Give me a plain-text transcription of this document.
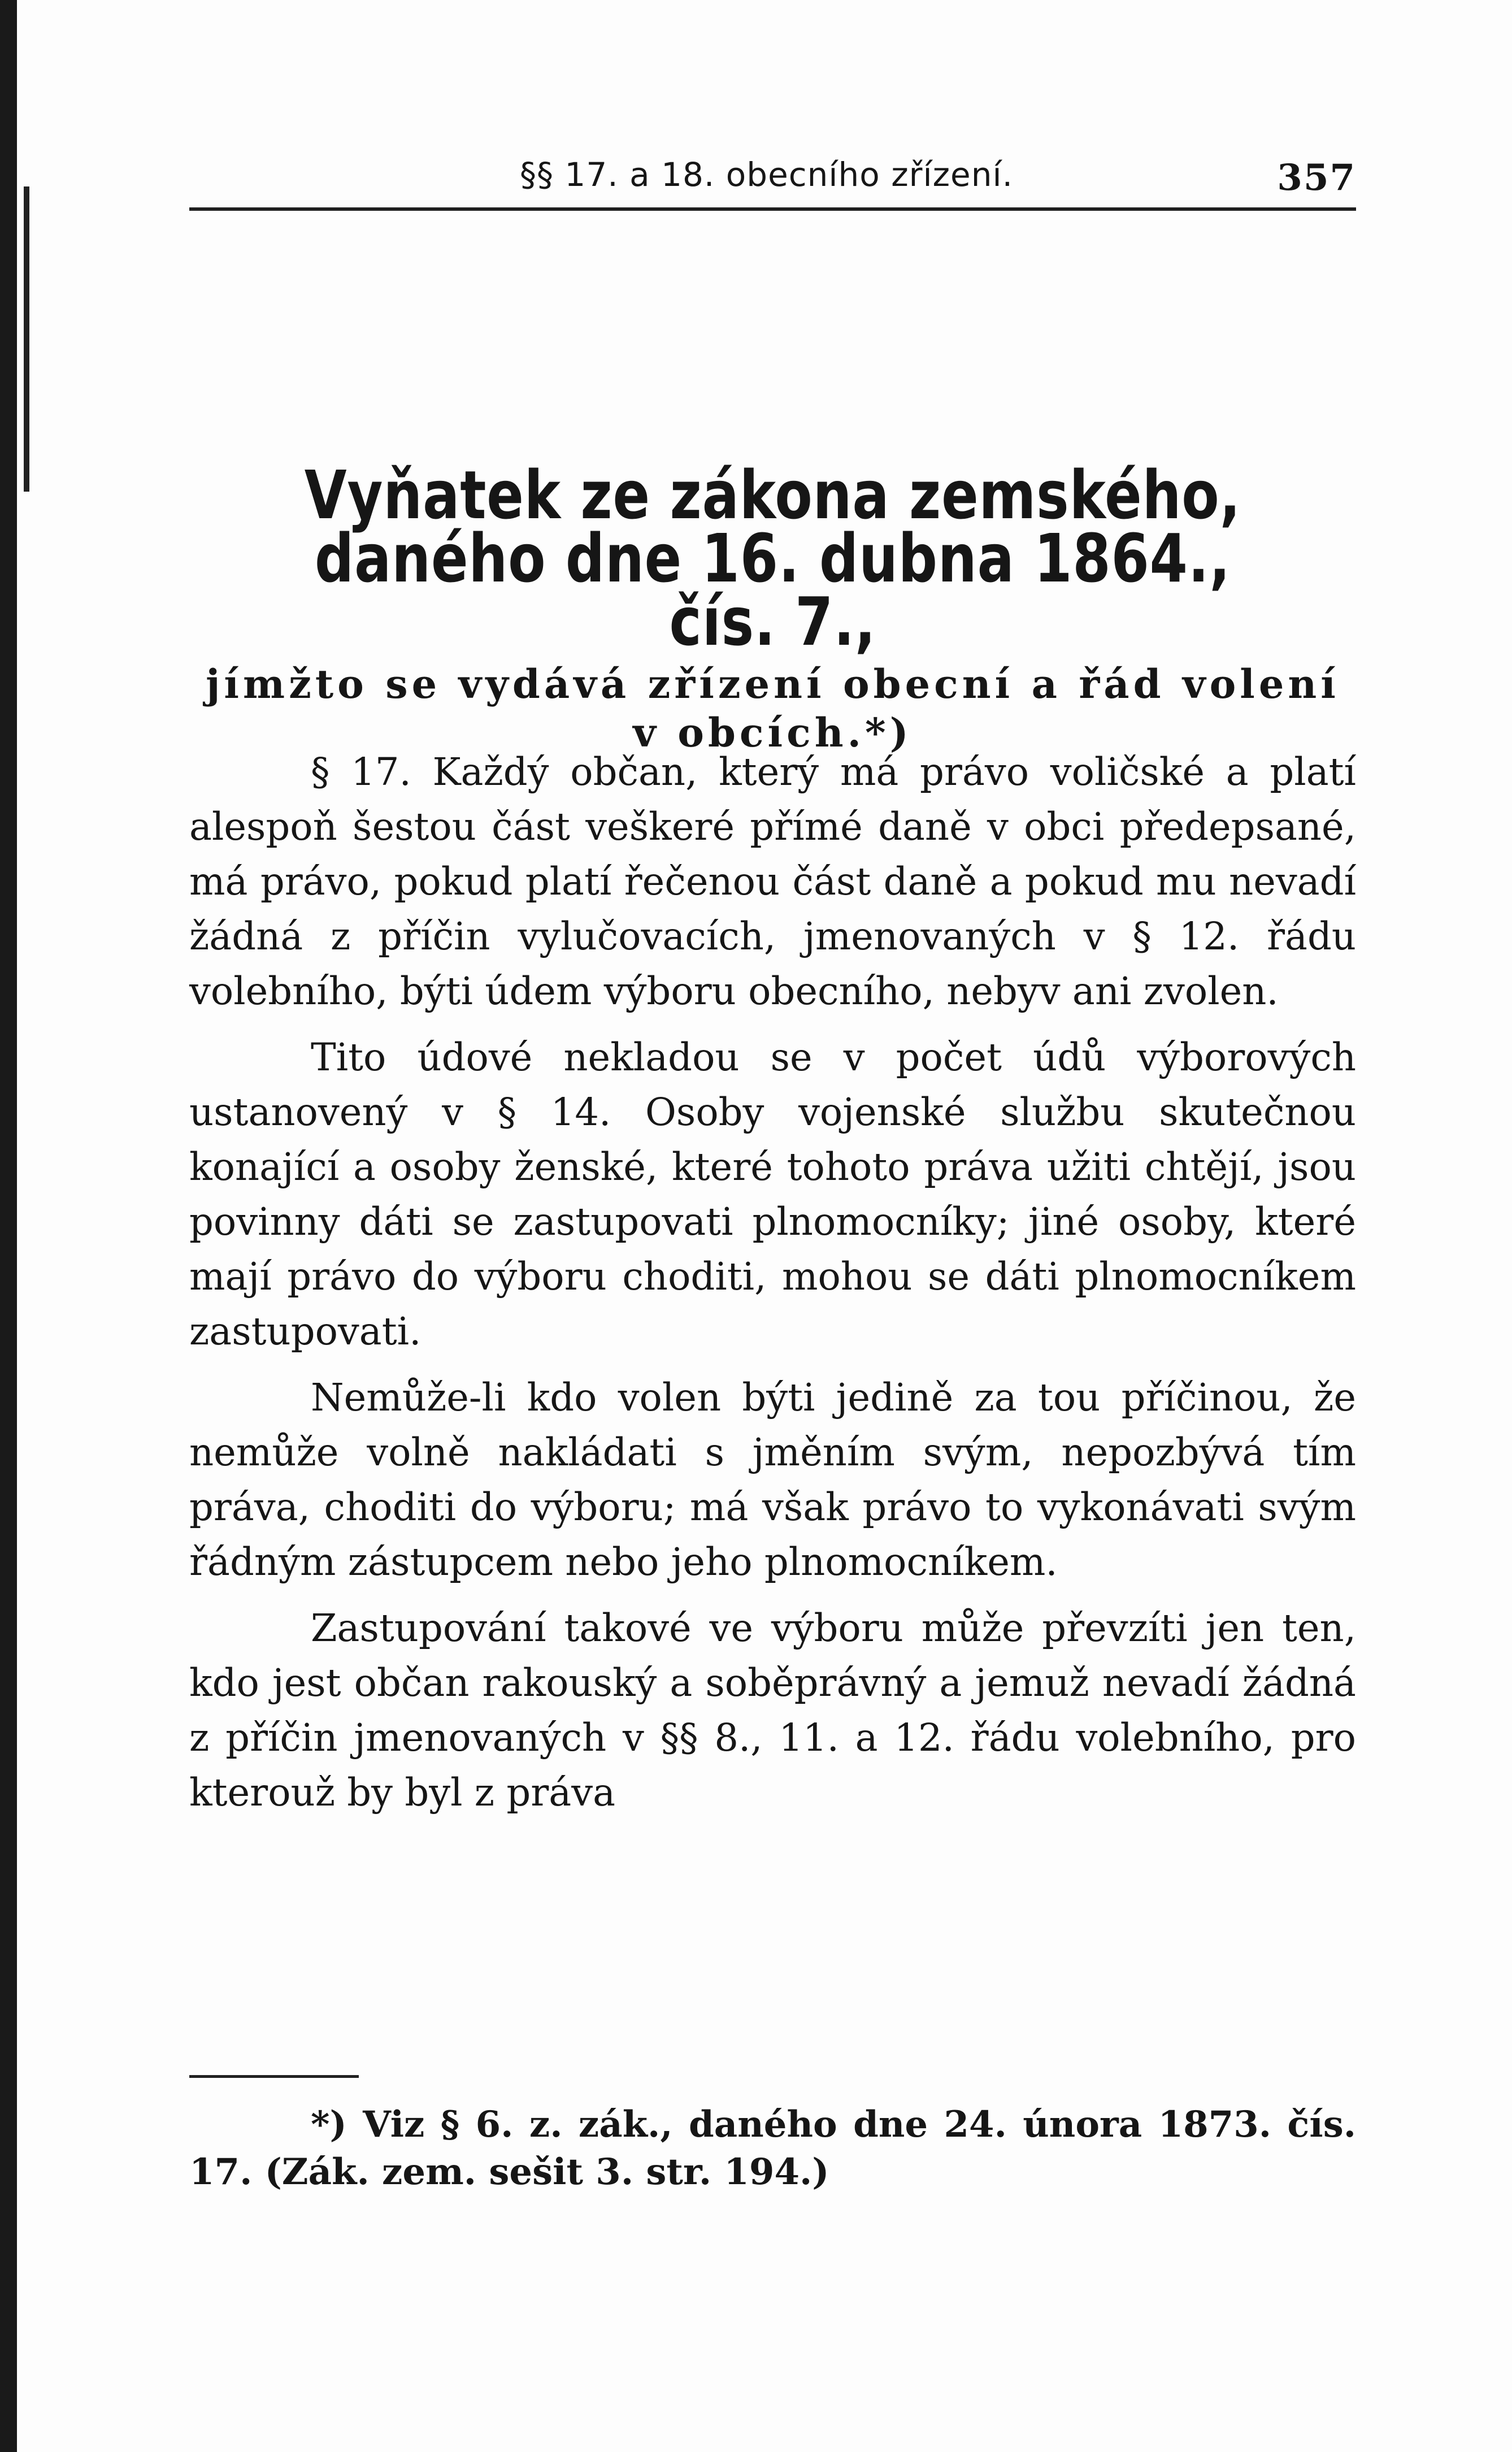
§§ 17. a 18. obecního zřízení.	357
Vyňatek ze zákona zemského, daného dne 16. dubna 1864., čís. 7.,
jímžto se vydává zřízení obecní a řád volení v obcích.*)

§ 17. Každý občan, který má právo voličské a platí alespoň šestou část veškeré přímé daně v obci předepsané, má právo, pokud platí řečenou část daně a pokud mu nevadí žádná z příčin vylučovacích, jmenovaných v § 12. řádu volebního, býti údem výboru obecního, nebyv ani zvolen.

Tito údové nekladou se v počet údů výborových ustanovený v § 14. Osoby vojenské službu skutečnou konající a osoby ženské, které tohoto práva užiti chtějí, jsou povinny dáti se zastupovati plnomocníky; jiné osoby, které mají právo do výboru choditi, mohou se dáti plnomocníkem zastupovati.

Nemůže-li kdo volen býti jedině za tou příčinou, že nemůže volně nakládati s jměním svým, nepozbývá tím práva, choditi do výboru; má však právo to vykonávati svým řádným zástupcem nebo jeho plnomocníkem.

Zastupování takové ve výboru může převzíti jen ten, kdo jest občan rakouský a soběprávný a jemuž nevadí žádná z příčin jmenovaných v §§ 8., 11. a 12. řádu volebního, pro kterouž by byl z práva

*) Viz § 6. z. zák., daného dne 24. února 1873. čís. 17. (Zák. zem. sešit 3. str. 194.)
